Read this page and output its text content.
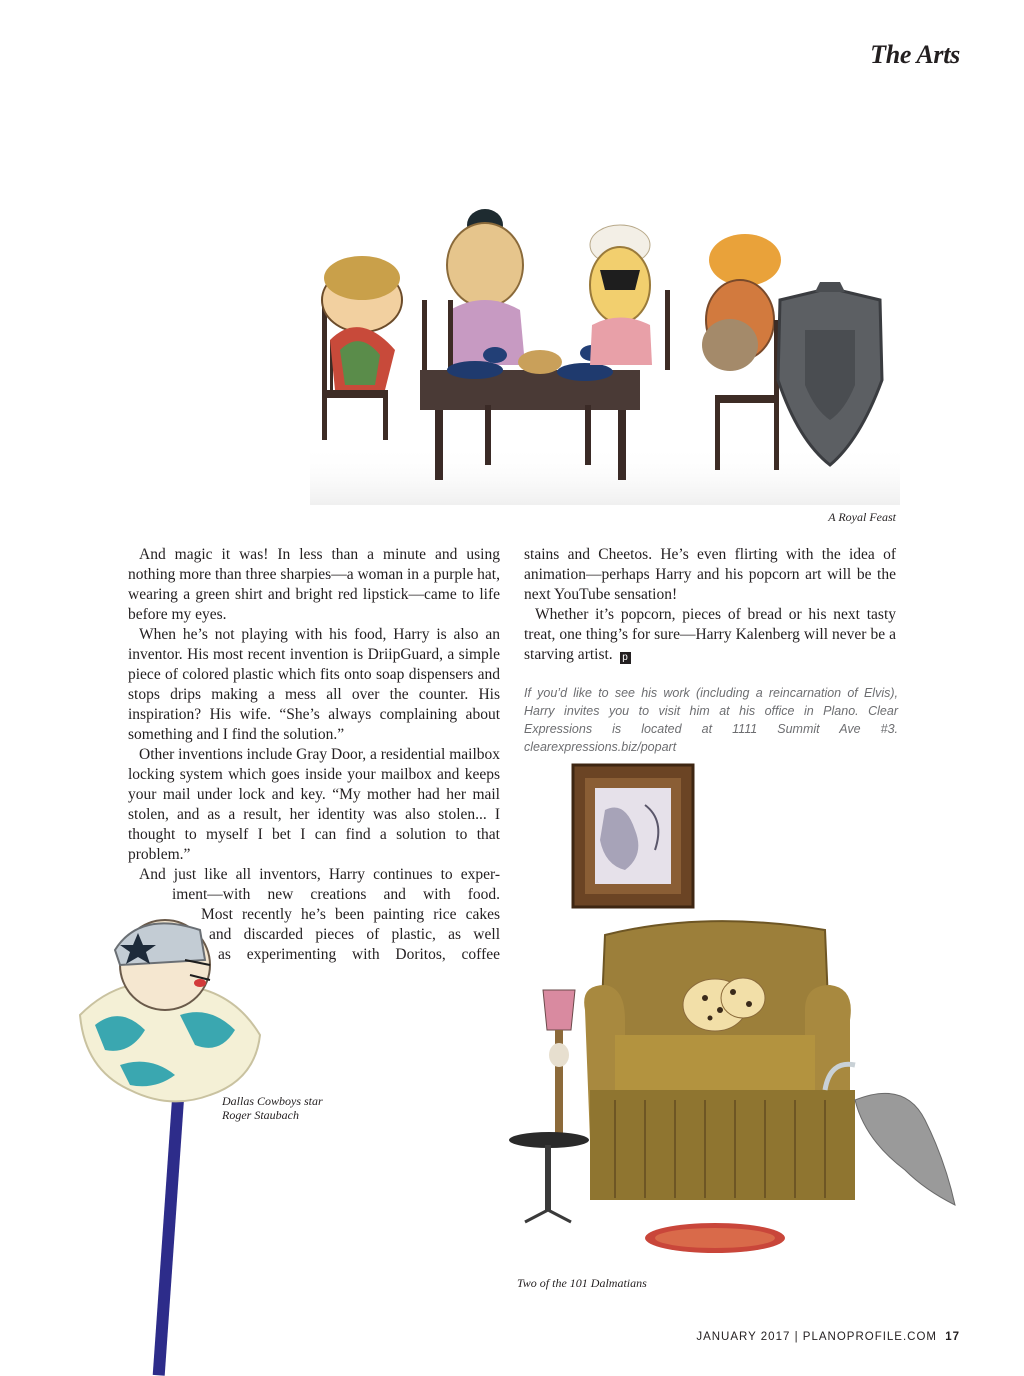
The Arts
A Royal Feast

And magic it was! In less than a minute and using nothing more than three sharpies—a woman in a purple hat, wearing a green shirt and bright red lipstick—came to life before my eyes.

When he’s not playing with his food, Harry is also an inventor. His most recent invention is DriipGuard, a simple piece of colored plastic which fits onto soap dispensers and stops drips making a mess all over the counter. His inspiration? His wife. “She’s always complaining about something and I find the solution.”

Other inventions include Gray Door, a residential mailbox locking system which goes inside your mailbox and keeps your mail under lock and key. “My mother had her mail stolen, and as a result, her identity was also stolen... I thought to myself I bet I can find a solution to that problem.”

And just like all inventors, Harry continues to exper-
iment—with new creations and with food.
Most recently he’s been painting rice cakes
and discarded pieces of plastic, as well
as experimenting with Doritos, coffee

stains and Cheetos. He’s even flirting with the idea of animation—perhaps Harry and his popcorn art will be the next YouTube sensation!

Whether it’s popcorn, pieces of bread or his next tasty treat, one thing’s for sure—Harry Kalenberg will never be a starving artist. p

If you’d like to see his work (including a reincarnation of Elvis), Harry invites you to visit him at his office in Plano. Clear Expressions is located at 1111 Summit Ave #3. clearexpressions.biz/popart
Dallas Cowboys star
Roger Staubach
Two of the 101 Dalmatians
JANUARY 2017 | PLANOPROFILE.COM 17
